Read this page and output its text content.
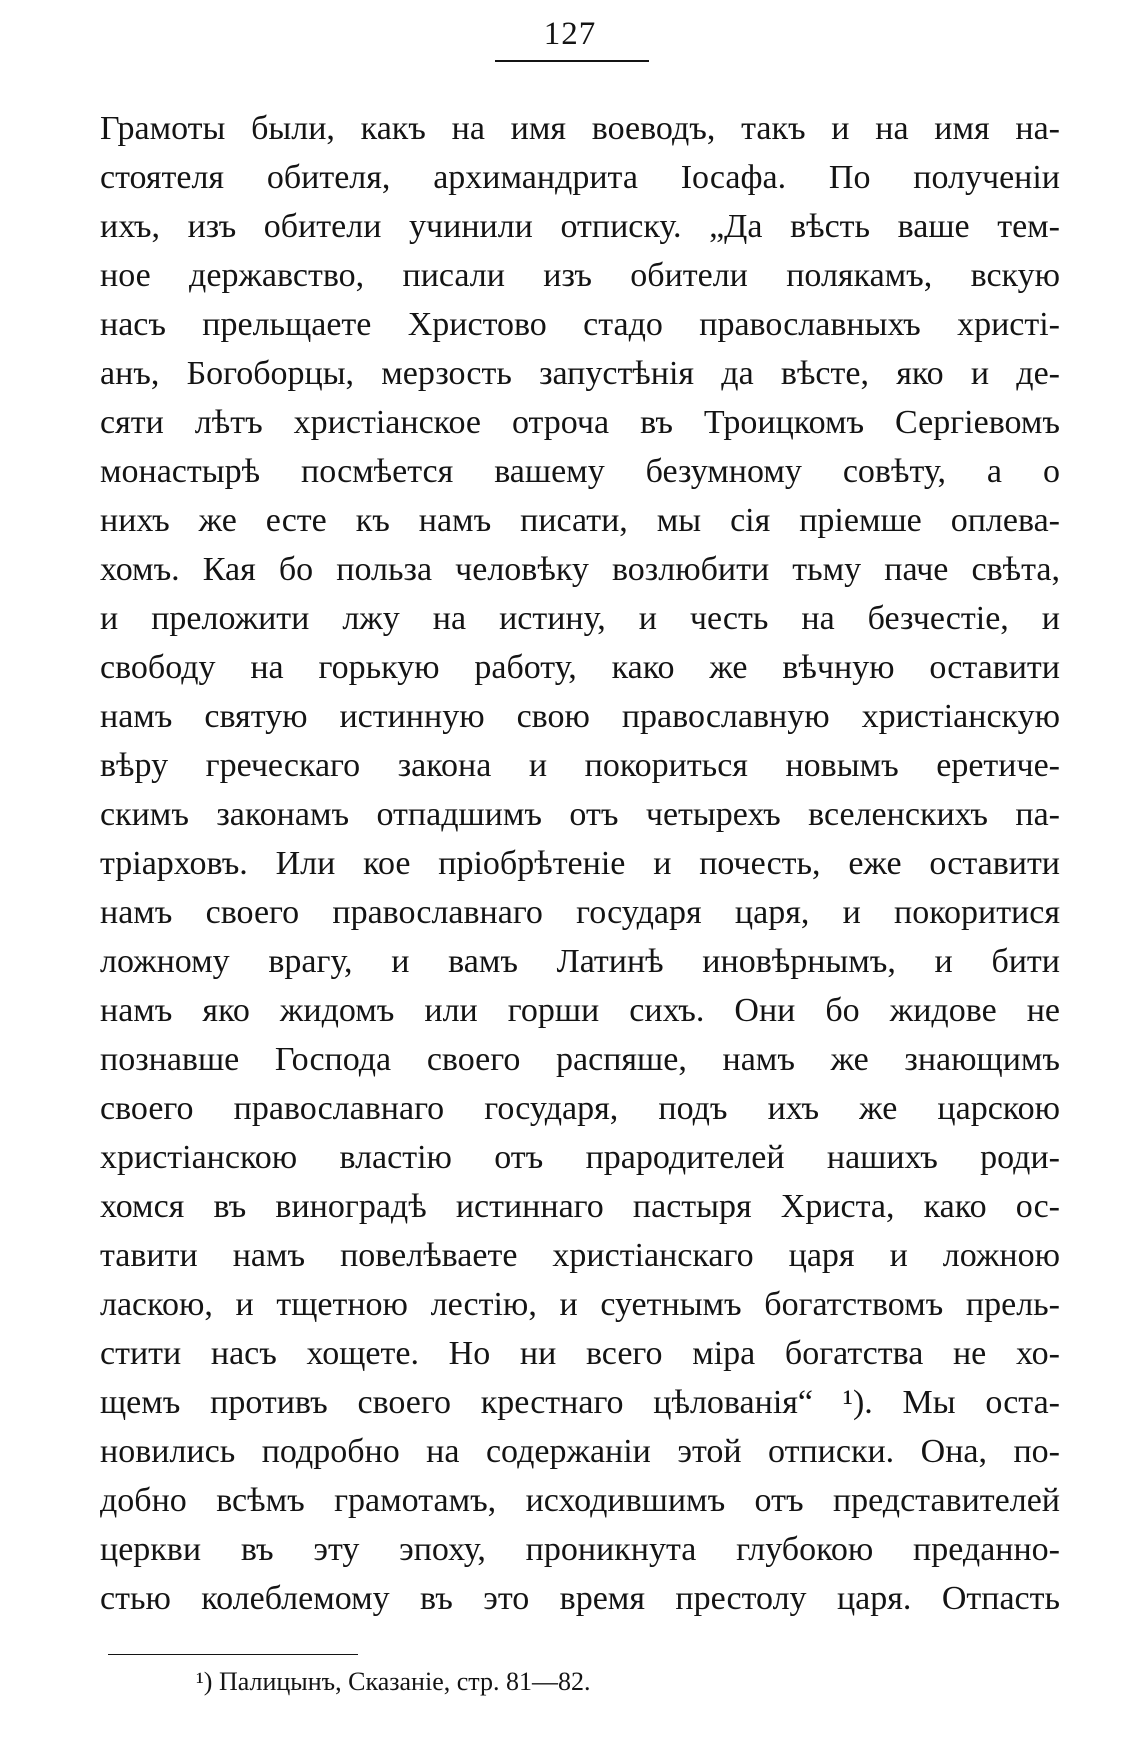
127
Грамоты были, какъ на имя воеводъ, такъ и на имя на-
стоятеля обителя, архимандрита Іосафа. По полученіи
ихъ, изъ обители учинили отписку. „Да вѣсть ваше тем-
ное державство, писали изъ обители полякамъ, вскую
насъ прельщаете Христово стадо православныхъ христі-
анъ, Богоборцы, мерзость запустѣнія да вѣсте, яко и де-
сяти лѣтъ христіанское отроча въ Троицкомъ Сергіевомъ
монастырѣ посмѣется вашему безумному совѣту, а о
нихъ же есте къ намъ писати, мы сія пріемше оплева-
хомъ. Кая бо польза человѣку возлюбити тьму паче свѣта,
и преложити лжу на истину, и честь на безчестіе, и
свободу на горькую работу, како же вѣчную оставити
намъ святую истинную свою православную христіанскую
вѣру греческаго закона и покориться новымъ еретиче-
скимъ законамъ отпадшимъ отъ четырехъ вселенскихъ па-
тріарховъ. Или кое пріобрѣтеніе и почесть, еже оставити
намъ своего православнаго государя царя, и покоритися
ложному врагу, и вамъ Латинѣ иновѣрнымъ, и бити
намъ яко жидомъ или горши сихъ. Они бо жидове не
познавше Господа своего распяше, намъ же знающимъ
своего православнаго государя, подъ ихъ же царскою
христіанскою властію отъ прародителей нашихъ роди-
хомся въ виноградѣ истиннаго пастыря Христа, како ос-
тавити намъ повелѣваете христіанскаго царя и ложною
ласкою, и тщетною лестію, и суетнымъ богатствомъ прель-
стити насъ хощете. Но ни всего міра богатства не хо-
щемъ противъ своего крестнаго цѣлованія“ ¹). Мы оста-
новились подробно на содержаніи этой отписки. Она, по-
добно всѣмъ грамотамъ, исходившимъ отъ представителей
церкви въ эту эпоху, проникнута глубокою преданно-
стью колеблемому въ это время престолу царя. Отпасть
¹) Палицынъ, Сказаніе, стр. 81—82.
